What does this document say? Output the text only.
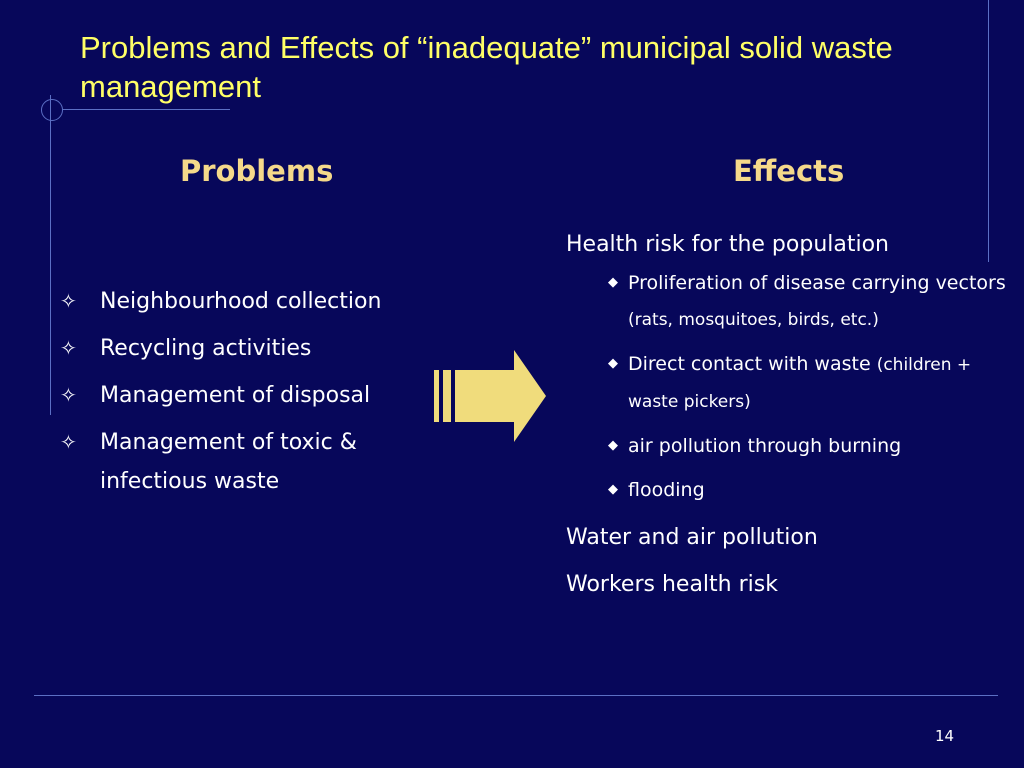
Problems and Effects of “inadequate” municipal solid waste management
Problems	Effects
✧	Neighbourhood collection
✧	Recycling activities
✧	Management of disposal
✧	Management of toxic & infectious waste
Health risk for the population
◆ Proliferation of disease carrying vectors (rats, mosquitoes, birds, etc.)
◆ Direct contact with waste (children + waste pickers)
◆ air pollution through burning
◆ flooding
Water and air pollution
Workers health risk
14
